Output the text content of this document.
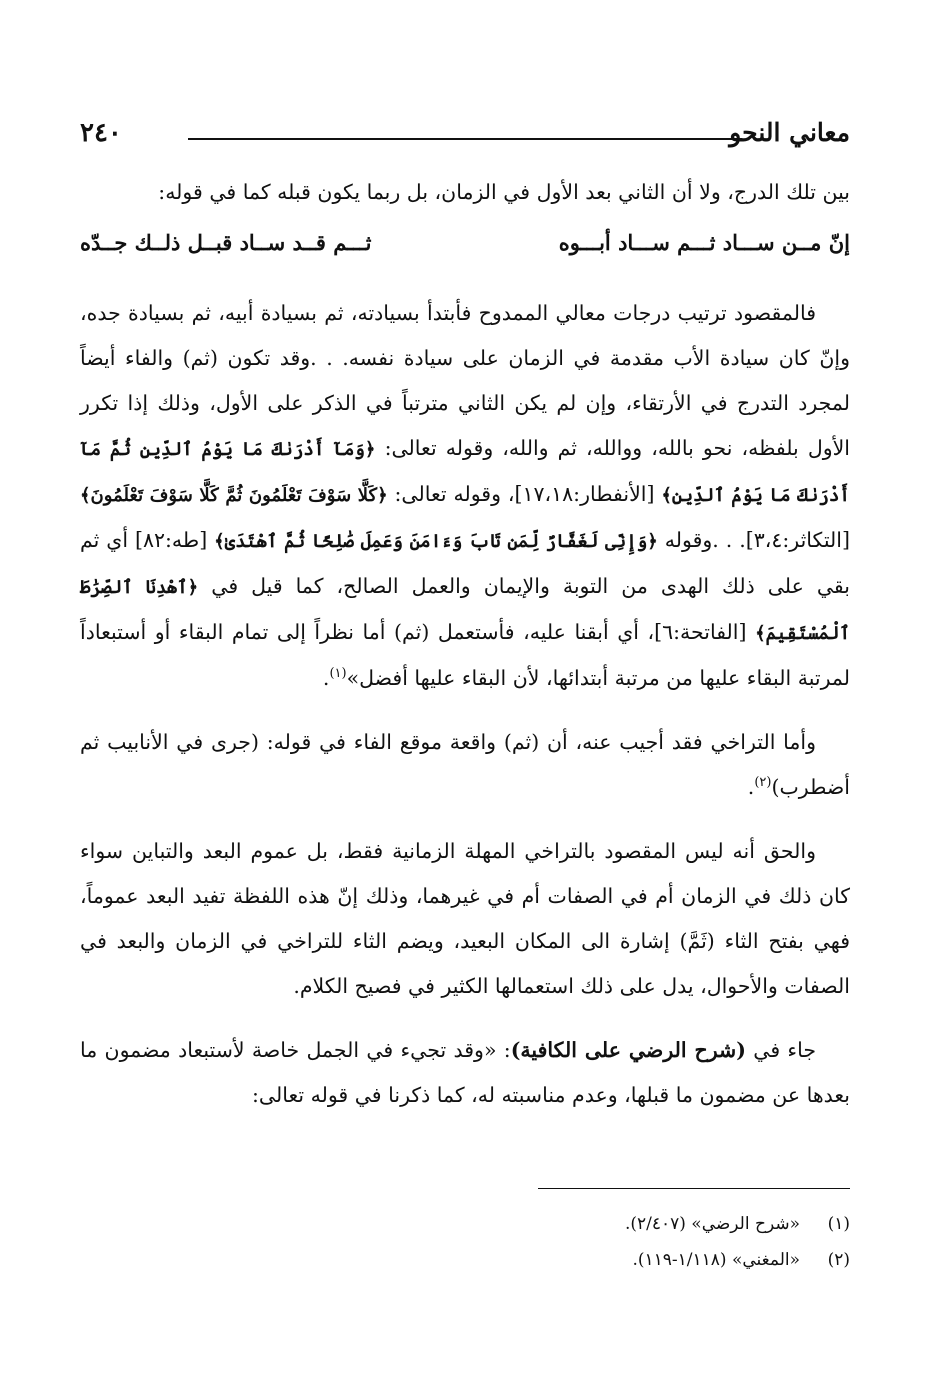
٢٤٠	معاني النحو

بين تلك الدرج، ولا أن الثاني بعد الأول في الزمان، بل ربما يكون قبله كما في قوله:

إنّ مــن ســـاد ثـــم ســـاد أبـــوه
ثـــم قــد ســاد قبــل ذلــك جــدّه

فالمقصود ترتيب درجات معالي الممدوح فأبتدأ بسيادته، ثم بسيادة أبيه، ثم بسيادة جده، وإنّ كان سيادة الأب مقدمة في الزمان على سيادة نفسه. . .وقد تكون (ثم) والفاء أيضاً لمجرد التدرج في الأرتقاء، وإن لم يكن الثاني مترتباً في الذكر على الأول، وذلك إذا تكرر الأول بلفظه، نحو بالله، ووالله، ثم والله، وقوله تعالى: ﴿وَمَآ أَدْرَىٰكَ مَا يَوْمُ ٱلدِّينِ ثُمَّ مَآ أَدْرَىٰكَ مَا يَوْمُ ٱلدِّينِ﴾ [الأنفطار:١٧،١٨]، وقوله تعالى: ﴿كَلَّا سَوْفَ تَعْلَمُونَ ثُمَّ كَلَّا سَوْفَ تَعْلَمُونَ﴾ [التكاثر:٣،٤]. . .وقوله ﴿وَإِنِّى لَغَفَّارٌ لِّمَن تَابَ وَءَامَنَ وَعَمِلَ صَٰلِحًا ثُمَّ ٱهْتَدَىٰ﴾ [طه:٨٢] أي ثم بقي على ذلك الهدى من التوبة والإيمان والعمل الصالح، كما قيل في ﴿ٱهْدِنَا ٱلصِّرَٰطَ ٱلْمُسْتَقِيمَ﴾ [الفاتحة:٦]، أي أبقنا عليه، فأستعمل (ثم) أما نظراً إلى تمام البقاء أو أستبعاداً لمرتبة البقاء عليها من مرتبة أبتدائها، لأن البقاء عليها أفضل»$^{(١)}$.

وأما التراخي فقد أجيب عنه، أن (ثم) واقعة موقع الفاء في قوله: (جرى في الأنابيب ثم أضطرب)$^{(٢)}$.

والحق أنه ليس المقصود بالتراخي المهلة الزمانية فقط، بل عموم البعد والتباين سواء كان ذلك في الزمان أم في الصفات أم في غيرهما، وذلك إنّ هذه اللفظة تفيد البعد عموماً، فهي بفتح الثاء (ثَمَّ) إشارة الى المكان البعيد، ويضم الثاء للتراخي في الزمان والبعد في الصفات والأحوال، يدل على ذلك استعمالها الكثير في فصيح الكلام.

جاء في (شرح الرضي على الكافية): «وقد تجيء في الجمل خاصة لأستبعاد مضمون ما بعدها عن مضمون ما قبلها، وعدم مناسبته له، كما ذكرنا في قوله تعالى:

(١)
«شرح الرضي» (٢/٤٠٧).
(٢)
«المغني» (١/١١٨-١١٩).
